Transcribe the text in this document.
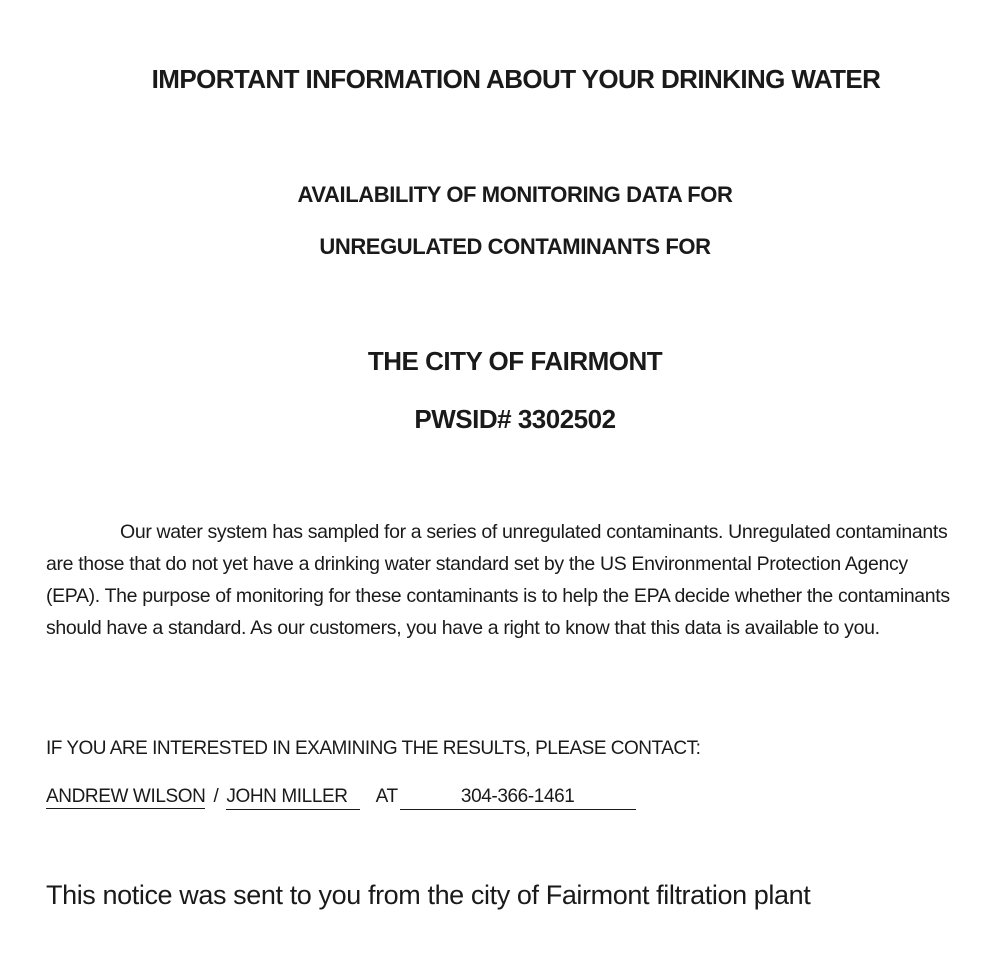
IMPORTANT INFORMATION ABOUT YOUR DRINKING WATER
AVAILABILITY OF MONITORING DATA FOR
UNREGULATED CONTAMINANTS FOR
THE CITY OF FAIRMONT
PWSID# 3302502

Our water system has sampled for a series of unregulated contaminants. Unregulated contaminants are those that do not yet have a drinking water standard set by the US Environmental Protection Agency (EPA). The purpose of monitoring for these contaminants is to help the EPA decide whether the contaminants should have a standard. As our customers, you have a right to know that this data is available to you.

IF YOU ARE INTERESTED IN EXAMINING THE RESULTS, PLEASE CONTACT:
ANDREW WILSON / JOHN MILLER AT	304-366-1461
This notice was sent to you from the city of Fairmont filtration plant
